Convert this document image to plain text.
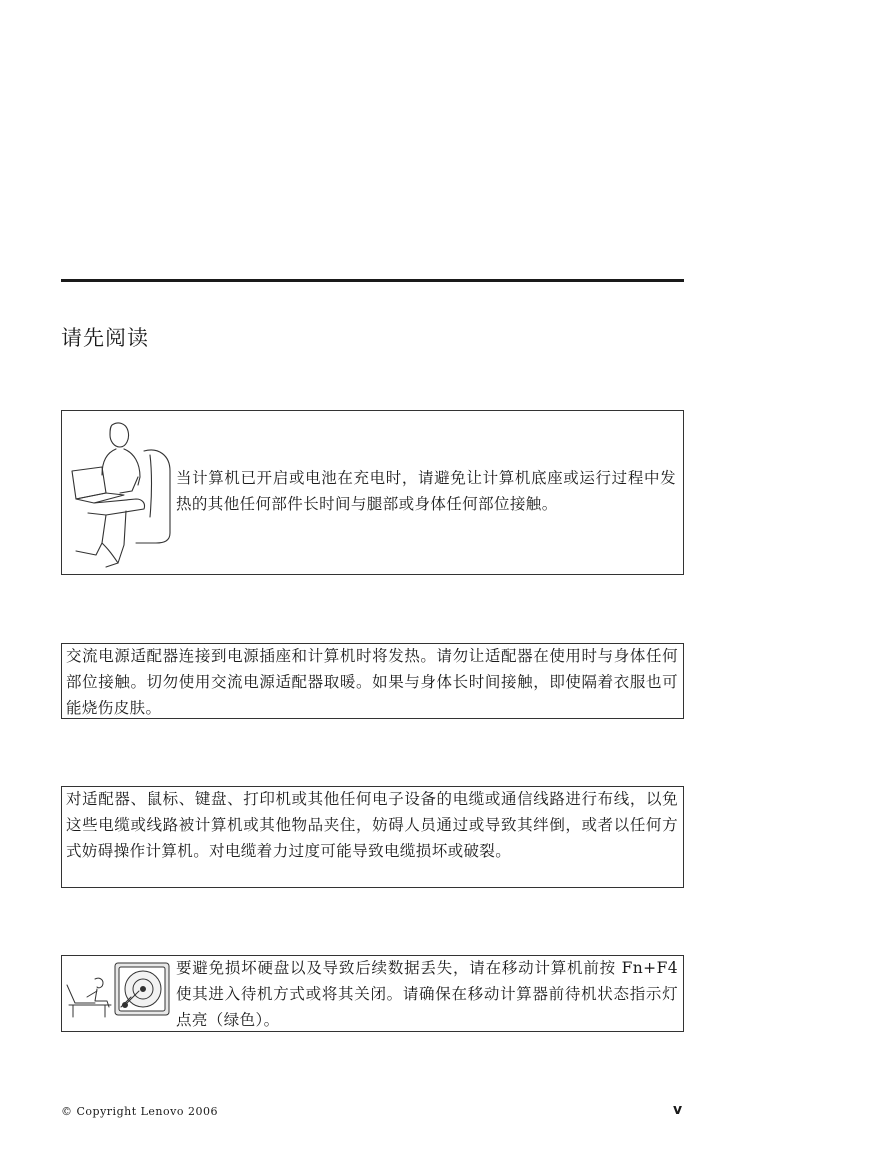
请先阅读
当计算机已开启或电池在充电时，请避免让计算机底座或运行过程中发热的其他任何部件长时间与腿部或身体任何部位接触。
交流电源适配器连接到电源插座和计算机时将发热。请勿让适配器在使用时与身体任何部位接触。切勿使用交流电源适配器取暖。如果与身体长时间接触，即使隔着衣服也可能烧伤皮肤。
对适配器、鼠标、键盘、打印机或其他任何电子设备的电缆或通信线路进行布线，以免这些电缆或线路被计算机或其他物品夹住，妨碍人员通过或导致其绊倒，或者以任何方式妨碍操作计算机。对电缆着力过度可能导致电缆损坏或破裂。
要避免损坏硬盘以及导致后续数据丢失，请在移动计算机前按 Fn+F4 使其进入待机方式或将其关闭。请确保在移动计算器前待机状态指示灯点亮（绿色）。
© Copyright Lenovo 2006	v
